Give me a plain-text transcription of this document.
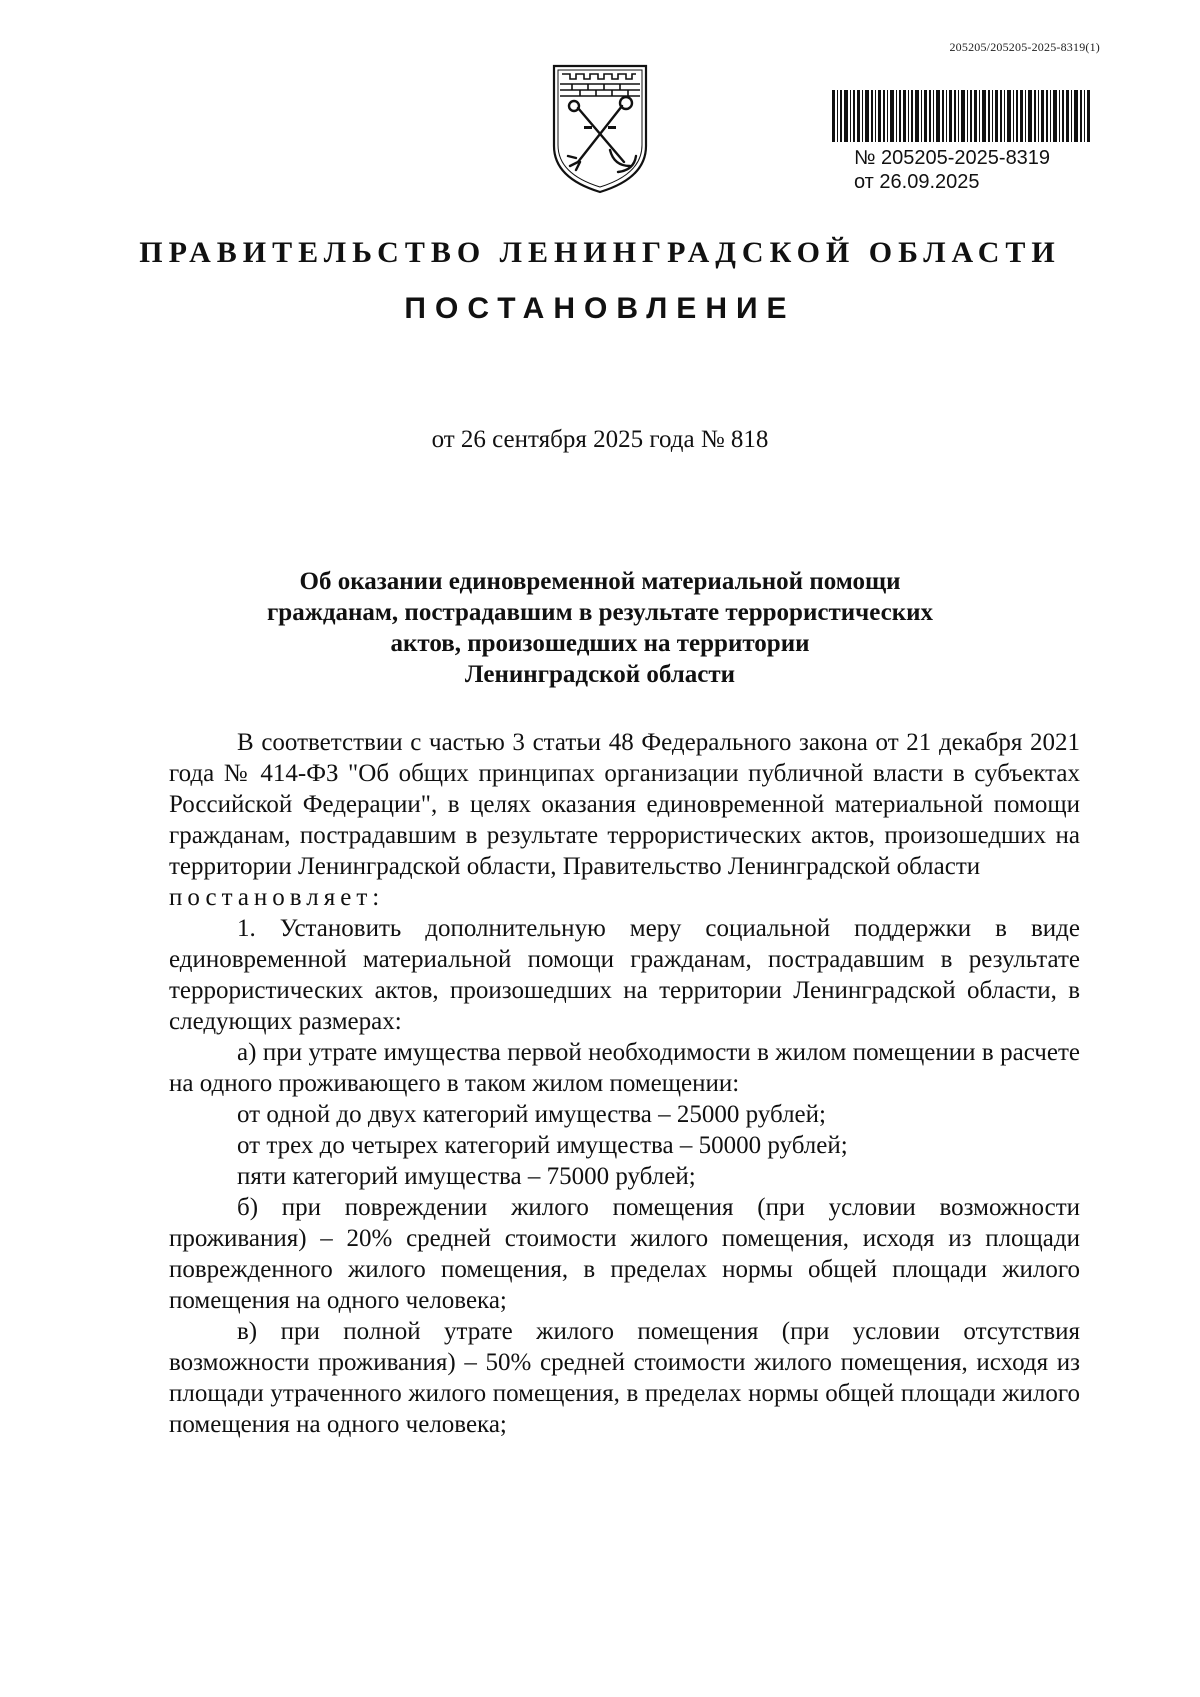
205205/205205-2025-8319(1)
№ 205205-2025-8319
от 26.09.2025
ПРАВИТЕЛЬСТВО ЛЕНИНГРАДСКОЙ ОБЛАСТИ
ПОСТАНОВЛЕНИЕ
от 26 сентября 2025 года № 818
Об оказании единовременной материальной помощи
гражданам, пострадавшим в результате террористических
актов, произошедших на территории
Ленинградской области

В соответствии с частью 3 статьи 48 Федерального закона от 21 декабря 2021 года № 414-ФЗ "Об общих принципах организации публичной власти в субъектах Российской Федерации", в целях оказания единовременной материальной помощи гражданам, пострадавшим в результате террористических актов, произошедших на территории Ленинградской области, Правительство Ленинградской области

постановляет:

1. Установить дополнительную меру социальной поддержки в виде единовременной материальной помощи гражданам, пострадавшим в результате террористических актов, произошедших на территории Ленинградской области, в следующих размерах:

а) при утрате имущества первой необходимости в жилом помещении в расчете на одного проживающего в таком жилом помещении:

от одной до двух категорий имущества – 25000 рублей;

от трех до четырех категорий имущества – 50000 рублей;

пяти категорий имущества – 75000 рублей;

б) при повреждении жилого помещения (при условии возможности проживания) – 20% средней стоимости жилого помещения, исходя из площади поврежденного жилого помещения, в пределах нормы общей площади жилого помещения на одного человека;

в) при полной утрате жилого помещения (при условии отсутствия возможности проживания) – 50% средней стоимости жилого помещения, исходя из площади утраченного жилого помещения, в пределах нормы общей площади жилого помещения на одного человека;
